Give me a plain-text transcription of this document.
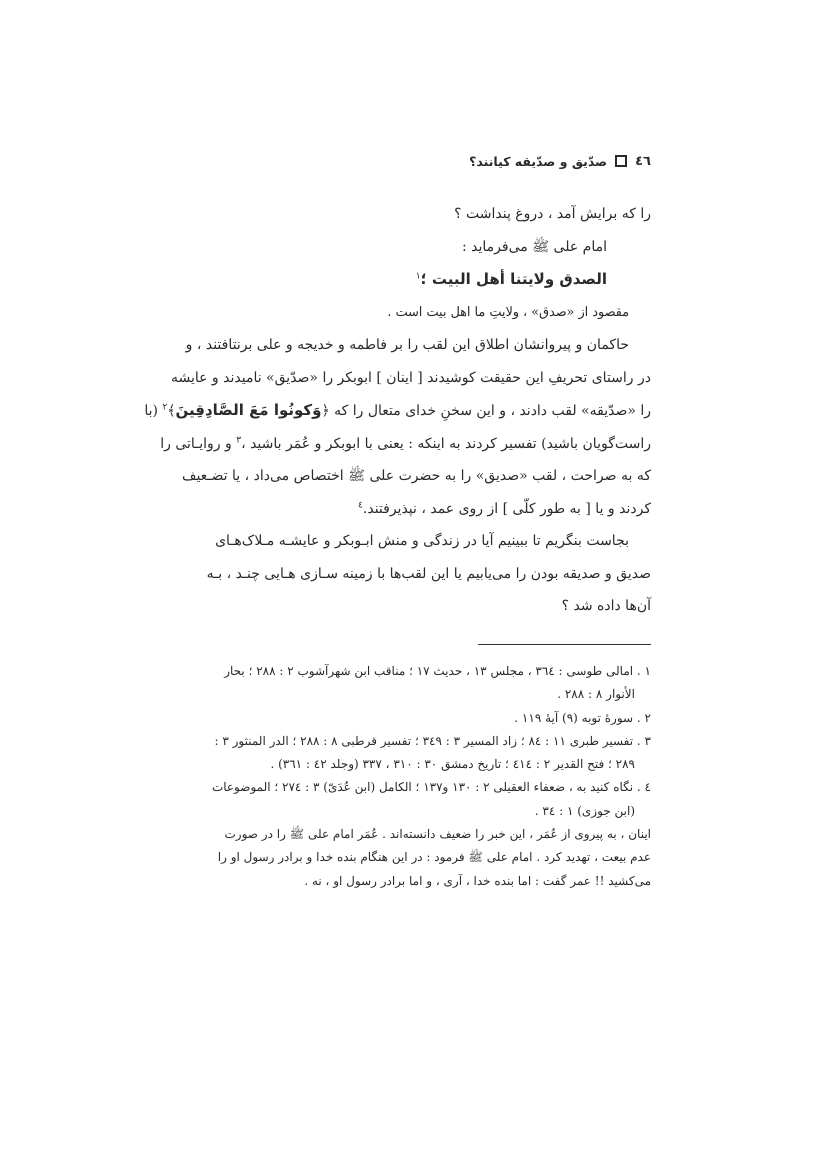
٤٦
صدّیق و صدّیقه کیانند؟
را که برایش آمد ، دروغ پنداشت ؟
امام علی ﷺ می‌فرماید :
الصدق ولايتنا أهل البيت ؛$^١$
مقصود از «صدق» ، ولایتِ ما اهل بیت است .
حاکمان و پیروانشان اطلاق این لقب را بر فاطمه و خدیجه و علی برنتافتند ، و
در راستای تحریفِ این حقیقت کوشیدند [ اینان ] ابوبکر را «صدّیق» نامیدند و عایشه
را «صدّیقه» لقب دادند ، و این سخنِ خدای متعال را که ﴿وَكونُوا مَعَ الصَّادِقِينَ﴾$^٢$ (با
راست‌گویان باشید) تفسیر کردند به اینکه : یعنی با ابوبکر و عُمَر باشید ،$^٣$ و روایـاتی را
که به صراحت ، لقب «صدیق» را به حضرت علی ﷺ اختصاص می‌داد ، یا تضـعیف
کردند و یا [ به طور کلّی ] از روی عمد ، نپذیرفتند.$^٤$
بجاست بنگریم تا ببینیم آیا در زندگی و منش ابـوبکر و عایشـه مـلاک‌هـای
صدیق و صدیقه بودن را می‌یابیم یا این لقب‌ها با زمینه سـازی هـایی چنـد ، بـه
آن‌ها داده شد ؟
١ . امالی طوسی : ٣٦٤ ، مجلس ١٣ ، حدیث ١٧ ؛ مناقب ابن شهرآشوب ٢ : ٢٨٨ ؛ بحار
الأنوار ٨ : ٢٨٨ .
٢ . سورهٔ توبه (٩) آیهٔ ١١٩ .
٣ . تفسیر طبری ١١ : ٨٤ ؛ زاد المسیر ٣ : ٣٤٩ ؛ تفسیر قرطبی ٨ : ٢٨٨ ؛ الدر المنثور ٣ :
٢٨٩ ؛ فتح القدیر ٢ : ٤١٤ ؛ تاریخ دمشق ٣٠ : ٣١٠ ، ٣٣٧ (وجلد ٤٢ : ٣٦١) .
٤ . نگاه کنید به ، ضعفاء العقیلی ٢ : ١٣٠ و١٣٧ ؛ الکامل (ابن عُدَیّ) ٣ : ٢٧٤ ؛ الموضوعات
(ابن جوزی) ١ : ٣٤ .
اینان ، به پیروی از عُمَر ، این خبر را ضعیف دانسته‌اند . عُمَر امام علی ﷺ را در صورت
عدم بیعت ، تهدید کرد . امام علی ﷺ فرمود : در این هنگام بنده خدا و برادر رسول او را
می‌کشید !! عمر گفت : اما بنده خدا ، آری ، و اما برادر رسول او ، نه .
